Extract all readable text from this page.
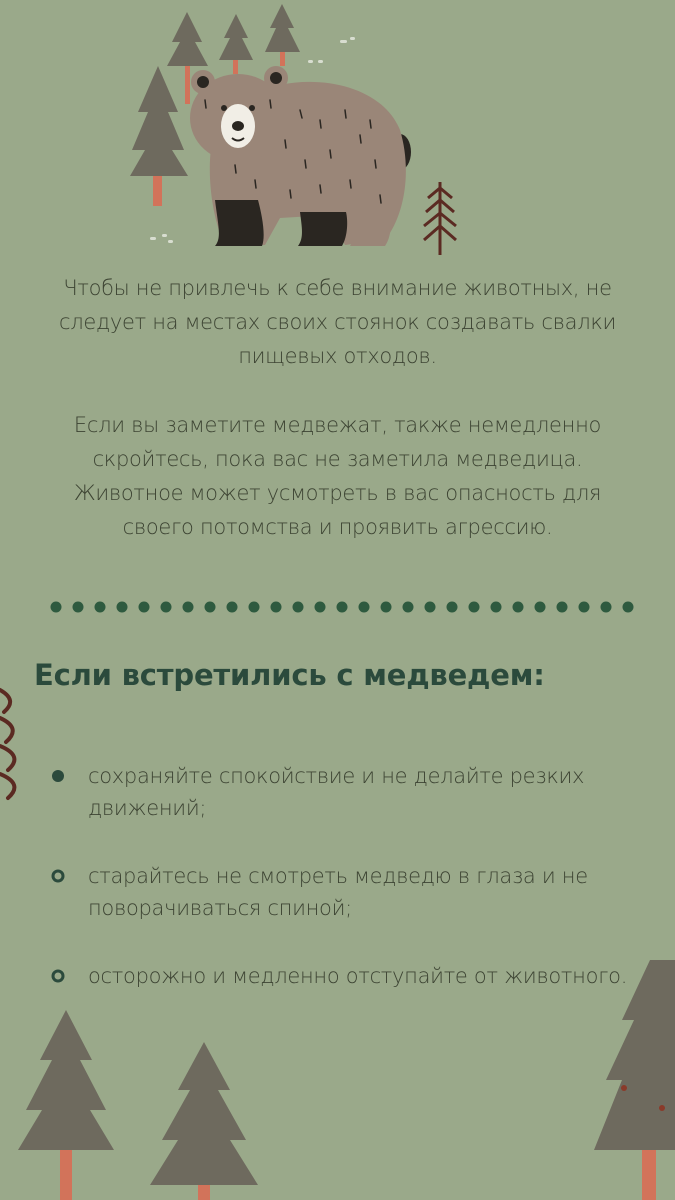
Чтобы не привлечь к себе внимание животных, не следует на местах своих стоянок создавать свалки пищевых отходов.
Если вы заметите медвежат, также немедленно скройтесь, пока вас не заметила медведица. Животное может усмотреть в вас опасность для своего потомства и проявить агрессию.
Если встретились с медведем:
сохраняйте спокойствие и не делайте резких движений;
старайтесь не смотреть медведю в глаза и не поворачиваться спиной;
осторожно и медленно отступайте от животного.
